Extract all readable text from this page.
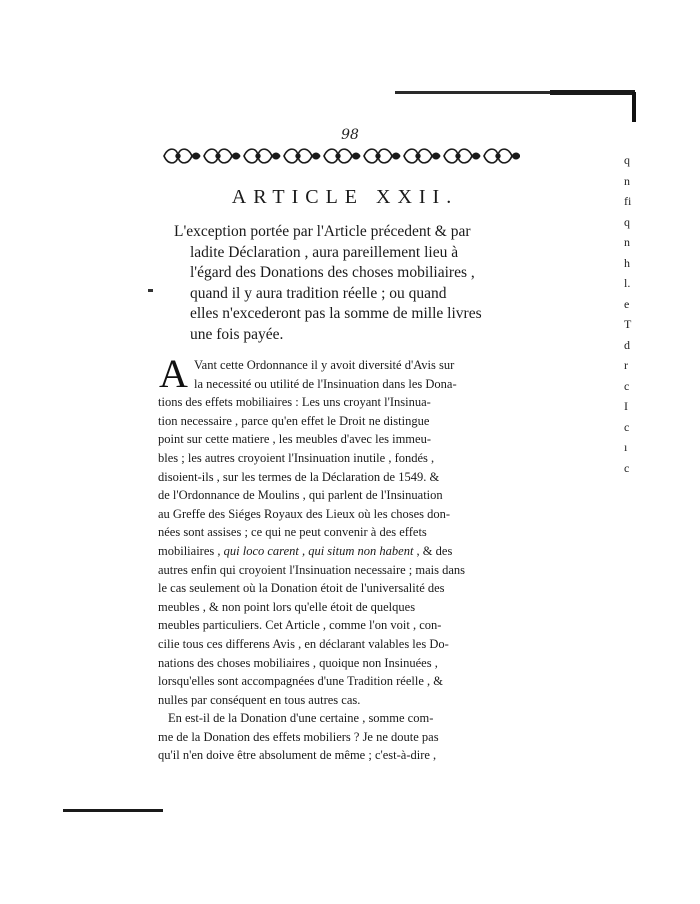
98
ARTICLE XXII.
L'exception portée par l'Article précedent & par
ladite Déclaration , aura pareillement lieu à
l'égard des Donations des choses mobiliaires ,
quand il y aura tradition réelle ; ou quand
elles n'excederont pas la somme de mille livres
une fois payée.
A Vant cette Ordonnance il y avoit diversité d'Avis sur
la necessité ou utilité de l'Insinuation dans les Dona-
tions des effets mobiliaires : Les uns croyant l'Insinua-
tion necessaire , parce qu'en effet le Droit ne distingue
point sur cette matiere , les meubles d'avec les immeu-
bles ; les autres croyoient l'Insinuation inutile , fondés ,
disoient-ils , sur les termes de la Déclaration de 1549. &
de l'Ordonnance de Moulins , qui parlent de l'Insinuation
au Greffe des Siéges Royaux des Lieux où les choses don-
nées sont assises ; ce qui ne peut convenir à des effets
mobiliaires , qui loco carent , qui situm non habent , & des
autres enfin qui croyoient l'Insinuation necessaire ; mais dans
le cas seulement où la Donation étoit de l'universalité des
meubles , & non point lors qu'elle étoit de quelques
meubles particuliers. Cet Article , comme l'on voit , con-
cilie tous ces differens Avis , en déclarant valables les Do-
nations des choses mobiliaires , quoique non Insinuées ,
lorsqu'elles sont accompagnées d'une Tradition réelle , &
nulles par conséquent en tous autres cas.
En est-il de la Donation d'une certaine , somme com-
me de la Donation des effets mobiliers ? Je ne doute pas
qu'il n'en doive être absolument de même ; c'est-à-dire ,
q
n
fi
q
n
h
l.
e
T
d
r
c
I
c
ı
c
